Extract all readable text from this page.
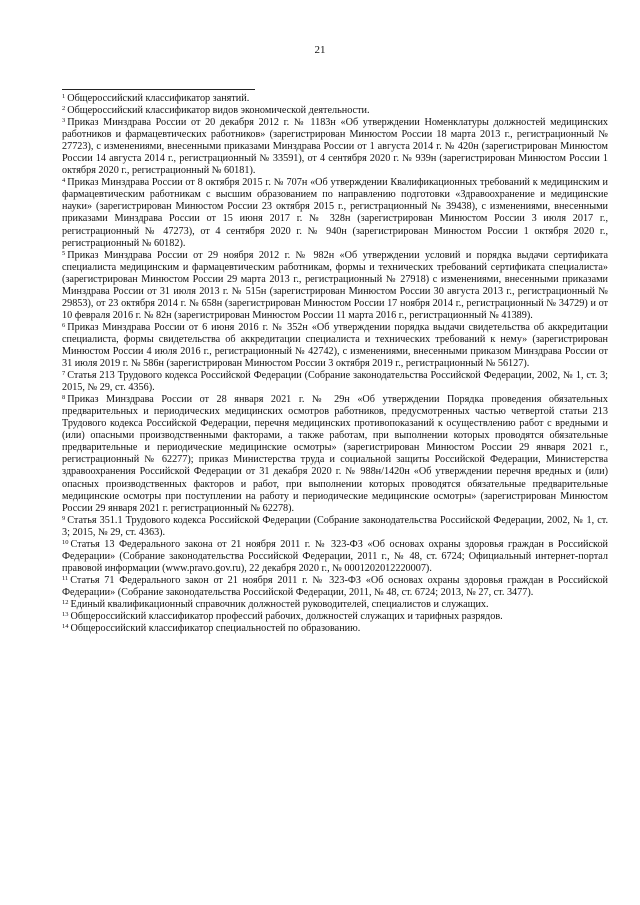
21

$^1$ Общероссийский классификатор занятий.

$^2$ Общероссийский классификатор видов экономической деятельности.

$^3$ Приказ Минздрава России от 20 декабря 2012 г. № 1183н «Об утверждении Номенклатуры должностей медицинских работников и фармацевтических работников» (зарегистрирован Минюстом России 18 марта 2013 г., регистрационный № 27723), с изменениями, внесенными приказами Минздрава России от 1 августа 2014 г. № 420н (зарегистрирован Минюстом России 14 августа 2014 г., регистрационный № 33591), от 4 сентября 2020 г. № 939н (зарегистрирован Минюстом России 1 октября 2020 г., регистрационный № 60181).

$^4$ Приказ Минздрава России от 8 октября 2015 г. № 707н «Об утверждении Квалификационных требований к медицинским и фармацевтическим работникам с высшим образованием по направлению подготовки «Здравоохранение и медицинские науки» (зарегистрирован Минюстом России 23 октября 2015 г., регистрационный № 39438), с изменениями, внесенными приказами Минздрава России от 15 июня 2017 г. № 328н (зарегистрирован Минюстом России 3 июля 2017 г., регистрационный № 47273), от 4 сентября 2020 г. № 940н (зарегистрирован Минюстом России 1 октября 2020 г., регистрационный № 60182).

$^5$ Приказ Минздрава России от 29 ноября 2012 г. № 982н «Об утверждении условий и порядка выдачи сертификата специалиста медицинским и фармацевтическим работникам, формы и технических требований сертификата специалиста» (зарегистрирован Минюстом России 29 марта 2013 г., регистрационный № 27918) с изменениями, внесенными приказами Минздрава России от 31 июля 2013 г. № 515н (зарегистрирован Минюстом России 30 августа 2013 г., регистрационный № 29853), от 23 октября 2014 г. № 658н (зарегистрирован Минюстом России 17 ноября 2014 г., регистрационный № 34729) и от 10 февраля 2016 г. № 82н (зарегистрирован Минюстом России 11 марта 2016 г., регистрационный № 41389).

$^6$ Приказ Минздрава России от 6 июня 2016 г. № 352н «Об утверждении порядка выдачи свидетельства об аккредитации специалиста, формы свидетельства об аккредитации специалиста и технических требований к нему» (зарегистрирован Минюстом России 4 июля 2016 г., регистрационный № 42742), с изменениями, внесенными приказом Минздрава России от 31 июля 2019 г. № 586н (зарегистрирован Минюстом России 3 октября 2019 г., регистрационный № 56127).

$^7$ Статья 213 Трудового кодекса Российской Федерации (Собрание законодательства Российской Федерации, 2002, № 1, ст. 3; 2015, № 29, ст. 4356).

$^8$ Приказ Минздрава России от 28 января 2021 г. № 29н «Об утверждении Порядка проведения обязательных предварительных и периодических медицинских осмотров работников, предусмотренных частью четвертой статьи 213 Трудового кодекса Российской Федерации, перечня медицинских противопоказаний к осуществлению работ с вредными и (или) опасными производственными факторами, а также работам, при выполнении которых проводятся обязательные предварительные и периодические медицинские осмотры» (зарегистрирован Минюстом России 29 января 2021 г., регистрационный № 62277); приказ Министерства труда и социальной защиты Российской Федерации, Министерства здравоохранения Российской Федерации от 31 декабря 2020 г. № 988н/1420н «Об утверждении перечня вредных и (или) опасных производственных факторов и работ, при выполнении которых проводятся обязательные предварительные медицинские осмотры при поступлении на работу и периодические медицинские осмотры» (зарегистрирован Минюстом России 29 января 2021 г. регистрационный № 62278).

$^9$ Статья 351.1 Трудового кодекса Российской Федерации (Собрание законодательства Российской Федерации, 2002, № 1, ст. 3; 2015, № 29, ст. 4363).

$^{10}$ Статья 13 Федерального закона от 21 ноября 2011 г. № 323-ФЗ «Об основах охраны здоровья граждан в Российской Федерации» (Собрание законодательства Российской Федерации, 2011 г., № 48, ст. 6724; Официальный интернет-портал правовой информации (www.pravo.gov.ru), 22 декабря 2020 г., № 0001202012220007).

$^{11}$ Статья 71 Федерального закон от 21 ноября 2011 г. № 323-ФЗ «Об основах охраны здоровья граждан в Российской Федерации» (Собрание законодательства Российской Федерации, 2011, № 48, ст. 6724; 2013, № 27, ст. 3477).

$^{12}$ Единый квалификационный справочник должностей руководителей, специалистов и служащих.

$^{13}$ Общероссийский классификатор профессий рабочих, должностей служащих и тарифных разрядов.

$^{14}$ Общероссийский классификатор специальностей по образованию.
